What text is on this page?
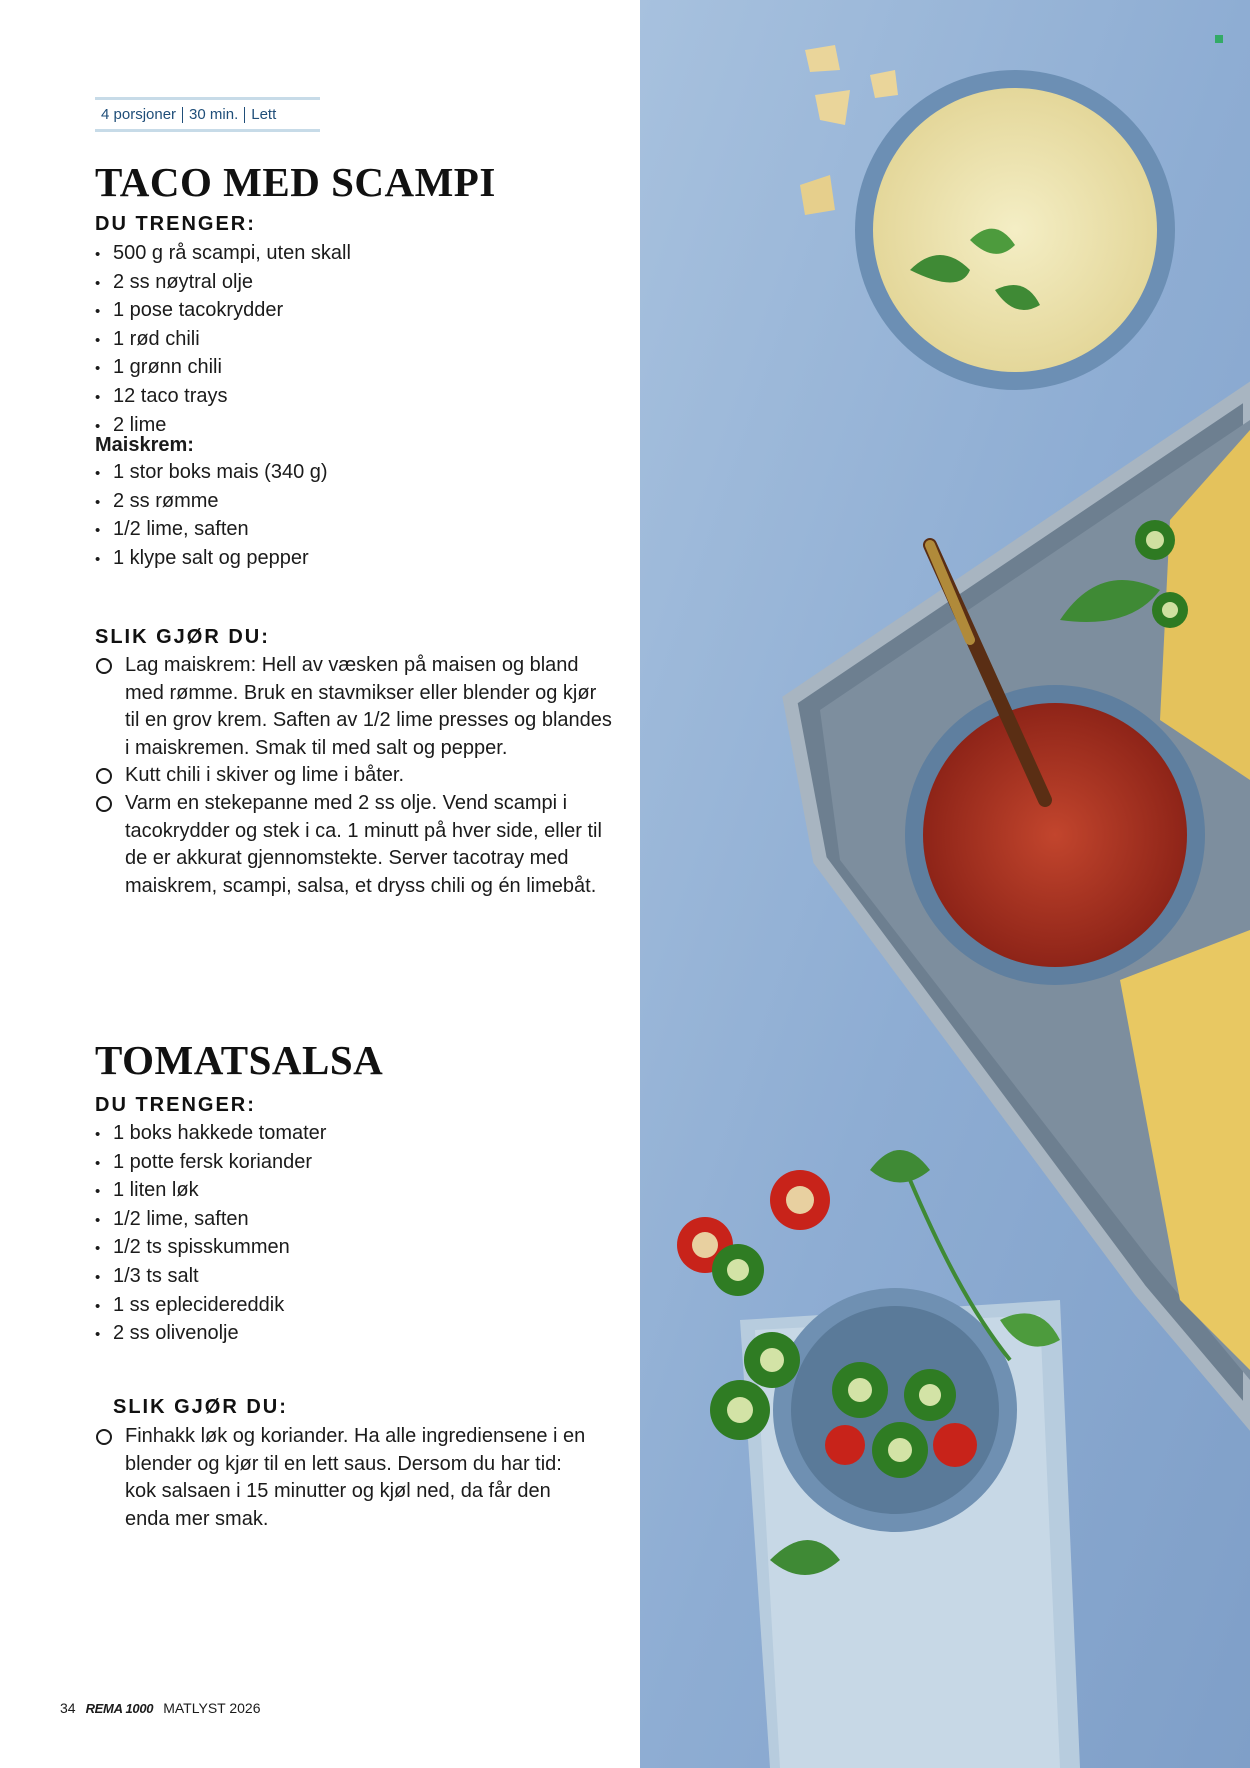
4 porsjoner 30 min. Lett
TACO MED SCAMPI
DU TRENGER:
• 500 g rå scampi, uten skall
• 2 ss nøytral olje
• 1 pose tacokrydder
• 1 rød chili
• 1 grønn chili
• 12 taco trays
• 2 lime
Maiskrem:
• 1 stor boks mais (340 g)
• 2 ss rømme
• 1/2 lime, saften
• 1 klype salt og pepper
SLIK GJØR DU:
Lag maiskrem: Hell av væsken på maisen og bland med rømme. Bruk en stavmikser eller blender og kjør til en grov krem. Saften av 1/2 lime presses og blandes i maiskremen. Smak til med salt og pepper.
Kutt chili i skiver og lime i båter.
Varm en stekepanne med 2 ss olje. Vend scampi i tacokrydder og stek i ca. 1 minutt på hver side, eller til de er akkurat gjennomstekte. Server tacotray med maiskrem, scampi, salsa, et dryss chili og én limebåt.
TOMATSALSA
DU TRENGER:
• 1 boks hakkede tomater
• 1 potte fersk koriander
• 1 liten løk
• 1/2 lime, saften
• 1/2 ts spisskummen
• 1/3 ts salt
• 1 ss eplecidereddik
• 2 ss olivenolje
SLIK GJØR DU:
Finhakk løk og koriander. Ha alle ingrediensene i en blender og kjør til en lett saus. Dersom du har tid: kok salsaen i 15 minutter og kjøl ned, da får den enda mer smak.
34 REMA 1000 MATLYST 2026
